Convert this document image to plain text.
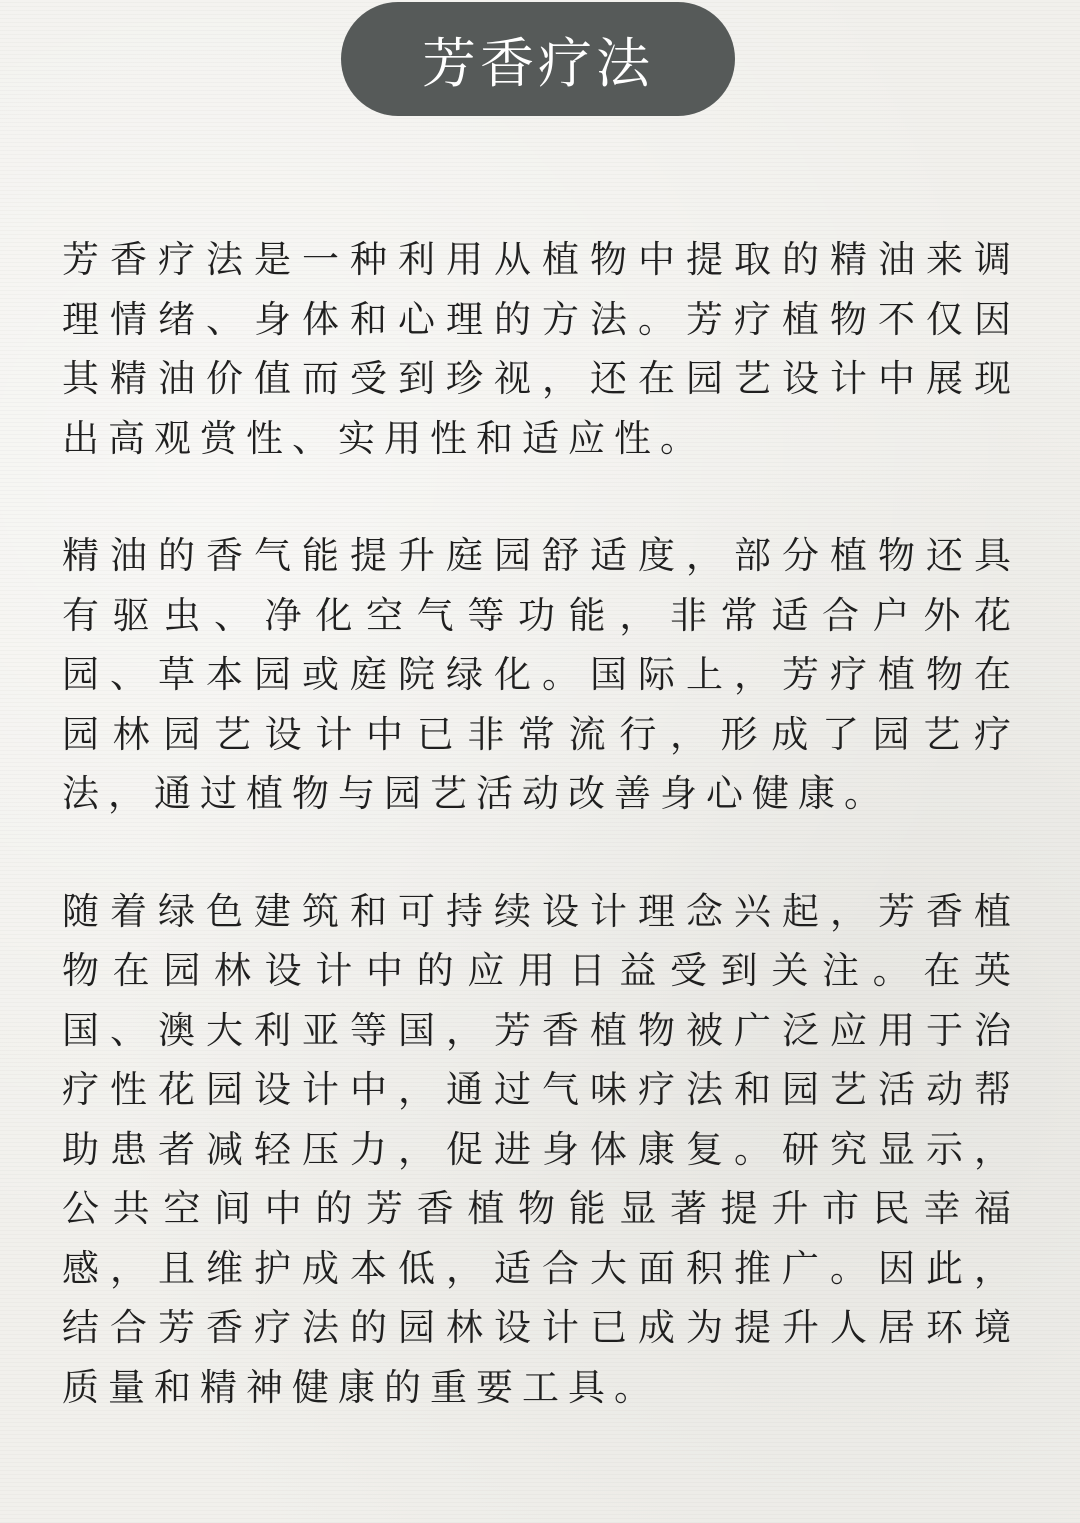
芳香疗法

芳香疗法是一种利用从植物中提取的精油来调理情绪、身体和心理的方法。芳疗植物不仅因其精油价值而受到珍视，还在园艺设计中展现出高观赏性、实用性和适应性。

精油的香气能提升庭园舒适度，部分植物还具有驱虫、净化空气等功能，非常适合户外花园、草本园或庭院绿化。国际上，芳疗植物在园林园艺设计中已非常流行，形成了园艺疗法，通过植物与园艺活动改善身心健康。

随着绿色建筑和可持续设计理念兴起，芳香植物在园林设计中的应用日益受到关注。在英国、澳大利亚等国，芳香植物被广泛应用于治疗性花园设计中，通过气味疗法和园艺活动帮助患者减轻压力，促进身体康复。研究显示，公共空间中的芳香植物能显著提升市民幸福感，且维护成本低，适合大面积推广。因此，结合芳香疗法的园林设计已成为提升人居环境质量和精神健康的重要工具。
